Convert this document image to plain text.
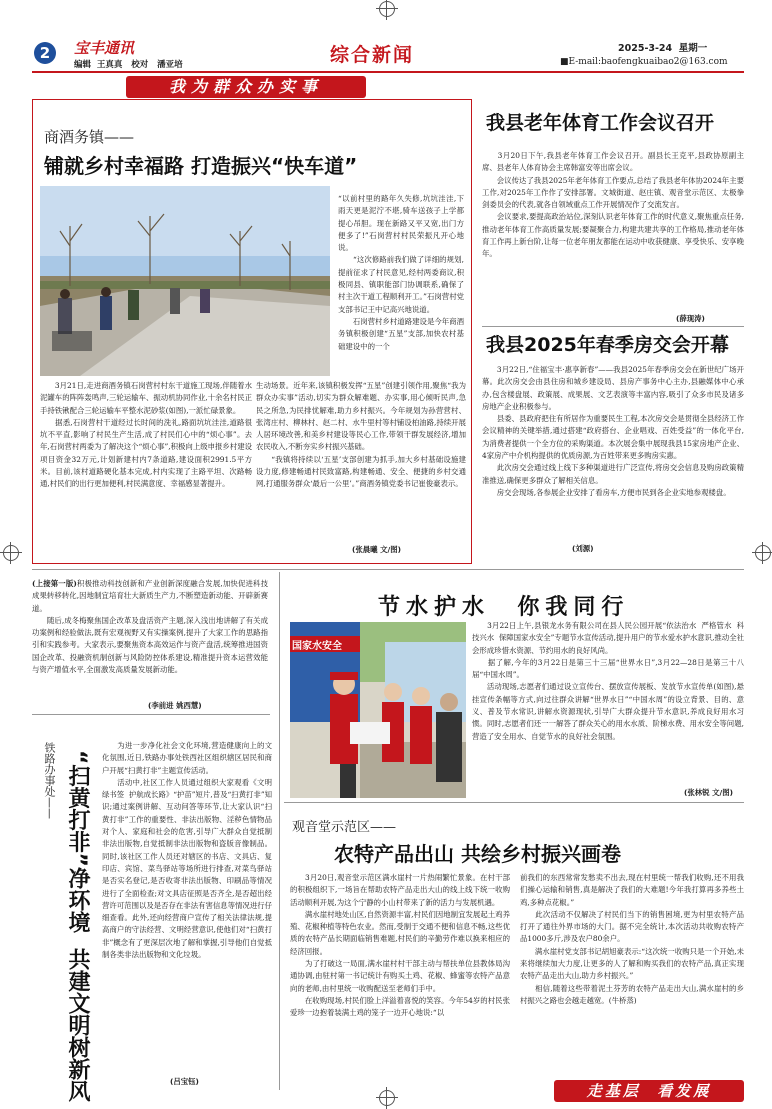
2	宝丰通讯
编辑  王真真   校对   潘亚培	综合新闻	2025-3-24  星期一
■E-mail:baofengkuaibao2@163.com
我为群众办实事
商酒务镇——
铺就乡村幸福路 打造振兴“快车道”

“以前村里的路年久失修,坑坑洼洼,下雨天更是泥泞不堪,骑车送孩子上学都提心吊胆。现在新路又平又宽,出门方便多了!”石岗营村村民荣振凡开心地说。
　　“这次修路前我们做了详细的规划,提前征求了村民意见,经村两委商议,积极同县、镇职能部门协调联系,确保了村主次干道工程顺利开工。”石岗营村党支部书记王中记高兴地说道。
　　石岗营村乡村道路建设是今年商酒务镇积极创建“五星”支部,加快农村基础建设中的一个

　　3月21日,走进商酒务镇石岗营村村东干道施工现场,伴随着水泥罐车的阵阵轰鸣声,三轮运输车、振动机协同作业,十余名村民正手持铁锹配合三轮运输车平整水泥砂浆(如图),一派忙碌景象。
　　据悉,石岗营村干道经过长时间的洗礼,路面坑坑洼洼,道路很坑不平直,影响了村民生产生活,成了村民们心中的“烦心事”。去年,石岗营村两委为了解决这个“烦心事”,积极向上级申报乡村建设项目资金32万元,计划新建村内7条道路,建设面积2991.5平方米。目前,该村道路硬化基本完成,村内实现了主路平坦、次路畅通,村民们的出行更加便利,村民满意度、幸福感显著提升。

生动场景。近年来,该镇积极发挥“五星”创建引领作用,聚焦“我为群众办实事”活动,切实为群众解难题、办实事,用心倾听民声,急民之所急,为民排忧解难,助力乡村振兴。今年规划为孙营营村、张湾庄村、柳林村、赵二村、水牛里村等村铺设柏油路,持续开展人居环境改善,和美乡村建设等民心工作,带领干群发展经济,增加农民收入,不断夯实乡村振兴基础。
　　“我镇将持续以‘五星’支部创建为抓手,加大乡村基础设施建设力度,修建畅通村民致富路,构建畅通、安全、便捷的乡村交通网,打通服务群众‘最后一公里’。”商酒务镇党委书记崔俊豪表示。

(张晨曦 文/图)
我县老年体育工作会议召开

　　3月20日下午,我县老年体育工作会议召开。副县长王克平,县政协原副主席、县老年人体育协会主席韩富安等出席会议。
　　会议传达了我县2025年老年体育工作要点,总结了我县老年体协2024年主要工作,对2025年工作作了安排部署。文城街道、赵庄镇、观音堂示范区、太极拳剑委员会的代表,就各自领域重点工作开展情况作了交流发言。
　　会议要求,要提高政治站位,深刻认识老年体育工作的时代意义,聚焦重点任务,推动老年体育工作高质量发展;要凝聚合力,构建共建共享的工作格局,推动老年体育工作再上新台阶,让每一位老年朋友都能在运动中收获健康、享受快乐、安享晚年。

(薛现涛)
我县2025年春季房交会开幕

　　3月22日,“住福宝丰·惠享新春”——我县2025年春季房交会在新世纪广场开幕。此次房交会由县住房和城乡建设局、县房产事务中心主办,县融媒体中心承办,包含楼盘展、政策展、成果展、文艺表演等丰富内容,吸引了众多市民及诸多房地产企业积极参与。
　　县委、县政府把住有所居作为重要民生工程,本次房交会是贯彻全县经济工作会议精神的关键举措,通过搭建“政府搭台、企业唱戏、百姓受益”的一体化平台,为消费者提供一个全方位的采购渠道。本次展会集中展现我县15家房地产企业、4家房产中介机构提供的优质房源,为百姓带来更多购房实惠。
　　此次房交会通过线上线下多种渠道进行广泛宣传,将房交会信息及购房政策精准推送,确保更多群众了解相关信息。
　　房交会现场,各参展企业安排了看房车,方便市民到各企业实地参观楼盘。

(刘源)

(上接第一版)积极推动科技创新和产业创新深度融合发展,加快促进科技成果转移转化,因地制宜培育壮大新质生产力,不断塑造新动能、开辟新赛道。
　　随后,成冬梅聚焦国企改革及盘活资产主题,深入浅出地讲解了有关成功案例和经验做法,既有宏观视野又有实操案例,提升了大家工作的思路指引和实践参考。大家表示,要聚焦资本高效运作与资产盘活,统筹推进国资国企改革、投融资机制创新与风险防控体系建设,精准提升资本运营效能与资产增值水平,全面激发高质量发展新动能。

(李前进 姚西慧)
节水护水  你我同行
国家水安全

　　3月22日上午,县银龙水务有限公司在县人民公园开展“依法治水  严格管水  科技兴水  保障国家水安全”专题节水宣传活动,提升用户的节水爱水护水意识,推动全社会形成珍惜水资源、节约用水的良好风尚。
　　据了解,今年的3月22日是第三十三届“世界水日”,3月22—28日是第三十八届“中国水周”。
　　活动现场,志愿者们通过设立宣传台、摆放宣传展板、发放节水宣传单(如图),悬挂宣传条幅等方式,向过往群众讲解“世界水日”“中国水周”的设立背景、目的、意义、普及节水常识,讲解水资源现状,引导广大群众提升节水意识,养成良好用水习惯。同时,志愿者们还一一解答了群众关心的用水水质、阶梯水费、用水安全等问题,营造了安全用水、自觉节水的良好社会氛围。

(张林锐 文/图)
铁路办事处—— “扫黄打非”净环境  共建文明树新风

　　为进一步净化社会文化环境,营造健康向上的文化氛围,近日,铁路办事处铁西社区组织辖区居民和商户开展“扫黄打非”主题宣传活动。
　　活动中,社区工作人员通过组织大家观看《文明绿书签  护航成长路》“护苗”短片,普及“扫黄打非”知识;通过案例讲解、互动问答等环节,让大家认识“扫黄打非”工作的重要性、非法出版物、淫秽色情物品对个人、家庭和社会的危害,引导广大群众自觉抵制非法出版物,自觉抵制非法出版物和盗版音像制品。同时,该社区工作人员还对辖区的书店、文具店、复印店、宾馆、菜鸟驿站等场所进行排查,对菜鸟驿站是否实名登记,是否收寄非法出版物、印刷品等情况进行了全面检查;对文具店征照是否齐全,是否超出经营许可范围以及是否存在非法有害信息等情况进行仔细查看。此外,还向经营商户宣传了相关法律法规,提高商户的守法经营、文明经营意识,使他们对“扫黄打非”概念有了更深层次地了解和掌握,引导他们自觉抵制各类非法出版物和文化垃圾。

(吕宝钰)
观音堂示范区——
农特产品出山 共绘乡村振兴画卷

　　3月20日,观音堂示范区满水崖村一片热闹繁忙景象。在村干部的积极组织下,一场旨在帮助农特产品走出大山的线上线下统一收购活动顺利开展,为这个宁静的小山村带来了新的活力与发展机遇。
　　满水崖村地处山区,自然资源丰富,村民们因地制宜发展起土鸡养殖、花椒种植等特色农业。然而,受制于交通不便和信息不畅,这些优质的农特产品长期面临销售难题,村民们的辛勤劳作难以换来相应的经济回报。
　　为了打破这一局面,满水崖村村干部主动与帮扶单位县教体局沟通协调,由驻村第一书记统计有购买土鸡、花椒、蜂蜜等农特产品意向的老师,由村里统一收购配送至老师们手中。
　　在收购现场,村民们脸上洋溢着喜悦的笑容。今年54岁的村民张爱珍一边抱着装满土鸡的笼子一边开心地说:“以

前我们的东西常常发愁卖不出去,现在村里统一帮我们收购,还不用我们操心运输和销售,真是解决了我们的大难题!今年我打算再多养些土鸡,多种点花椒。”
　　此次活动不仅解决了村民们当下的销售困境,更为村里农特产品打开了通往外界市场的大门。据不完全统计,本次活动共收购农特产品1000多斤,涉及农户80余户。
　　满水崖村党支部书记胡旭豪表示:“这次统一收购只是一个开始,未来将继续加大力度,让更多的人了解和购买我们的农特产品,真正实现农特产品走出大山,助力乡村振兴。”
　　相信,随着这些带着泥土芬芳的农特产品走出大山,满水崖村的乡村振兴之路也会越走越宽。(牛桥蒸)

走基层  看发展
